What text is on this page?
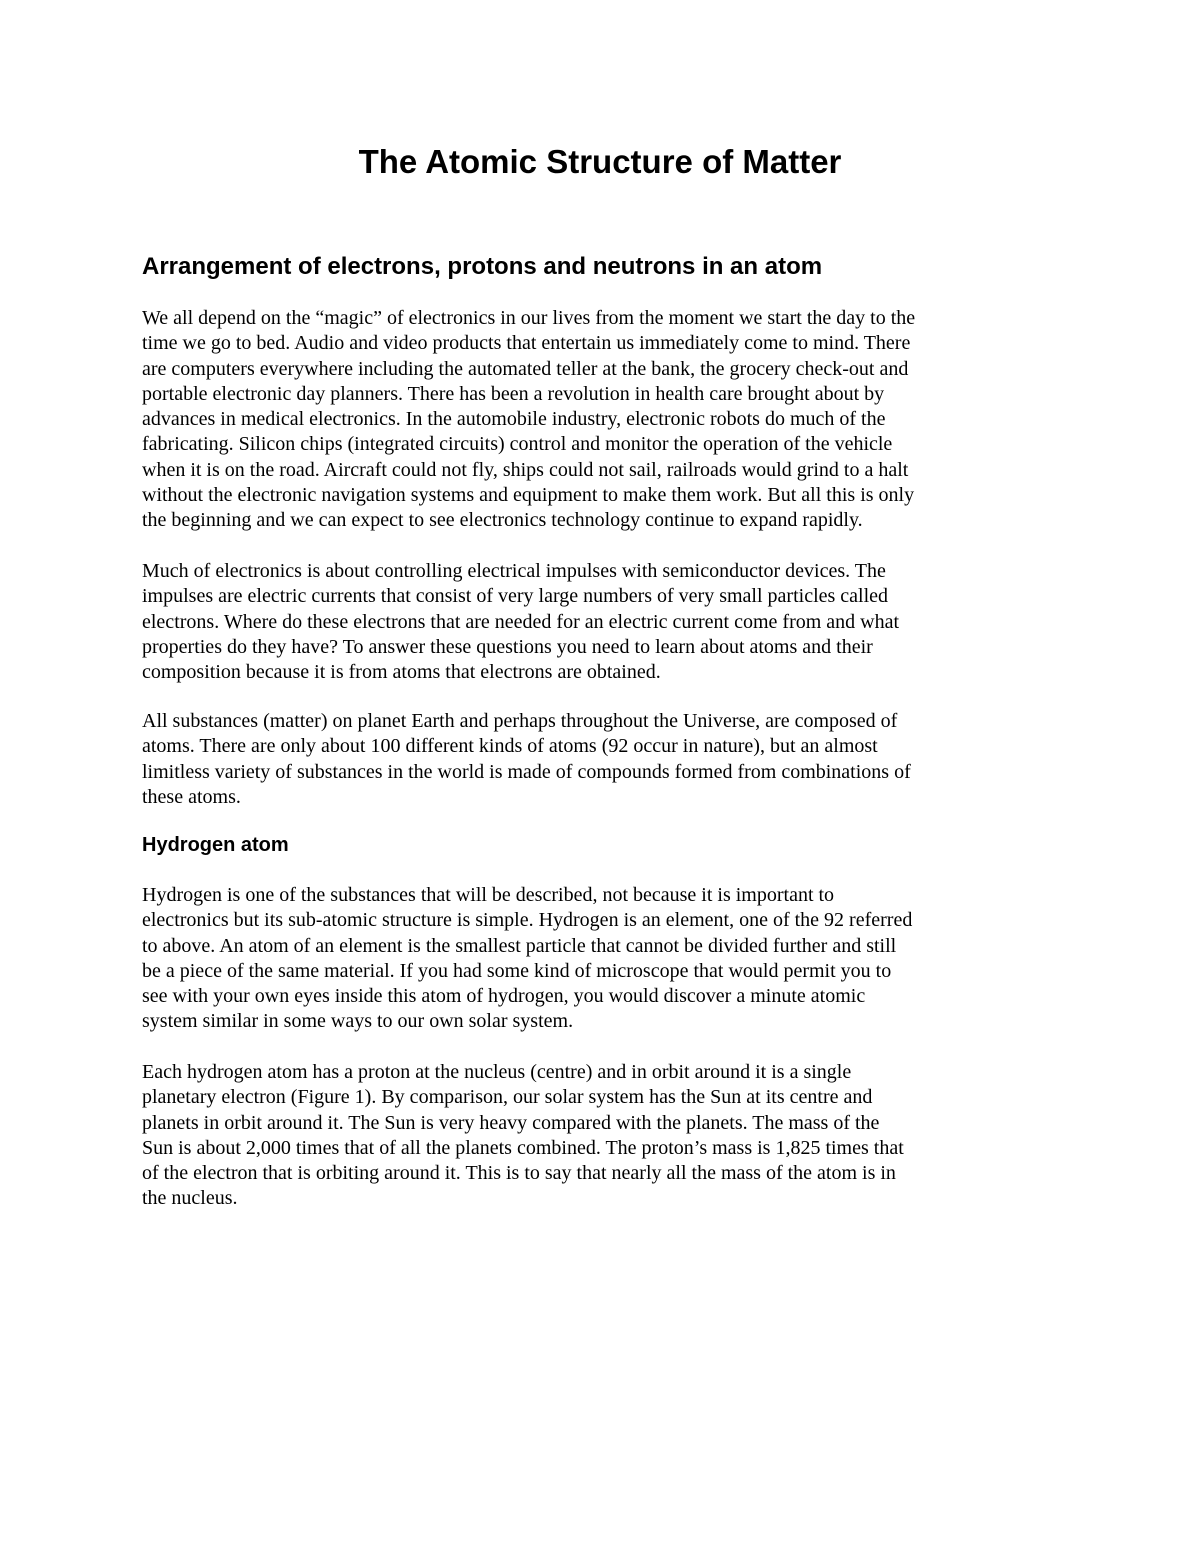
The Atomic Structure of Matter
Arrangement of electrons, protons and neutrons in an atom

We all depend on the “magic” of electronics in our lives from the moment we start the day to the
time we go to bed. Audio and video products that entertain us immediately come to mind. There
are computers everywhere including the automated teller at the bank, the grocery check-out and
portable electronic day planners. There has been a revolution in health care brought about by
advances in medical electronics. In the automobile industry, electronic robots do much of the
fabricating. Silicon chips (integrated circuits) control and monitor the operation of the vehicle
when it is on the road. Aircraft could not fly, ships could not sail, railroads would grind to a halt
without the electronic navigation systems and equipment to make them work. But all this is only
the beginning and we can expect to see electronics technology continue to expand rapidly.

Much of electronics is about controlling electrical impulses with semiconductor devices. The
impulses are electric currents that consist of very large numbers of very small particles called
electrons. Where do these electrons that are needed for an electric current come from and what
properties do they have? To answer these questions you need to learn about atoms and their
composition because it is from atoms that electrons are obtained.

All substances (matter) on planet Earth and perhaps throughout the Universe, are composed of
atoms. There are only about 100 different kinds of atoms (92 occur in nature), but an almost
limitless variety of substances in the world is made of compounds formed from combinations of
these atoms.

Hydrogen atom

Hydrogen is one of the substances that will be described, not because it is important to
electronics but its sub-atomic structure is simple. Hydrogen is an element, one of the 92 referred
to above. An atom of an element is the smallest particle that cannot be divided further and still
be a piece of the same material. If you had some kind of microscope that would permit you to
see with your own eyes inside this atom of hydrogen, you would discover a minute atomic
system similar in some ways to our own solar system.

Each hydrogen atom has a proton at the nucleus (centre) and in orbit around it is a single
planetary electron (Figure 1). By comparison, our solar system has the Sun at its centre and
planets in orbit around it. The Sun is very heavy compared with the planets. The mass of the
Sun is about 2,000 times that of all the planets combined. The proton’s mass is 1,825 times that
of the electron that is orbiting around it. This is to say that nearly all the mass of the atom is in
the nucleus.
